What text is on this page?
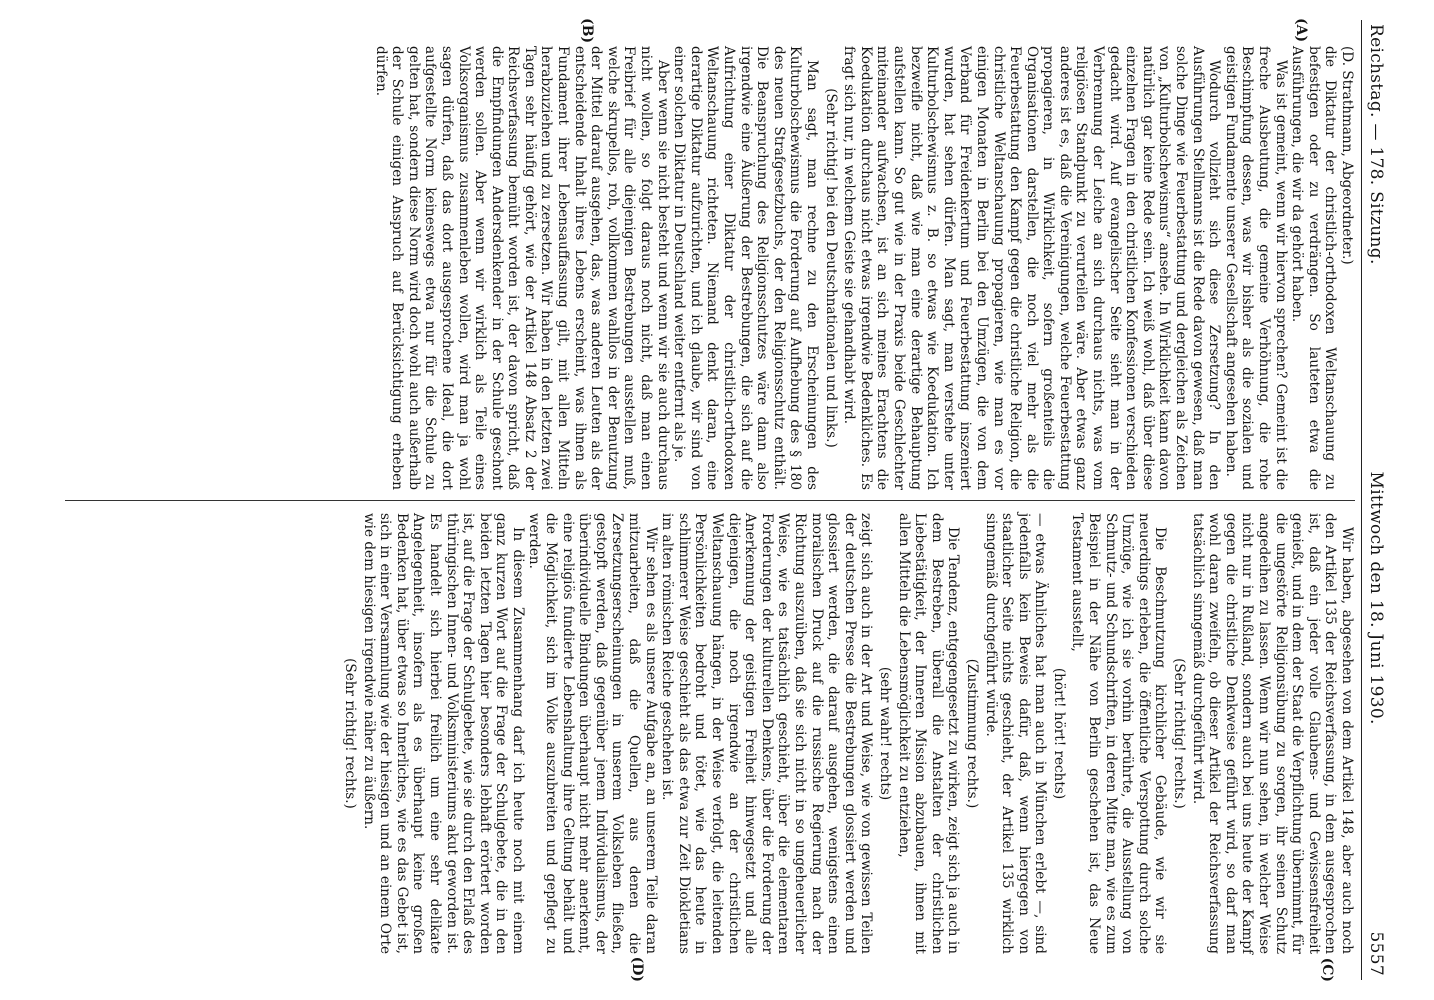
Reichstag. — 178. Sitzung.
Mittwoch den 18. Juni 1930.
5557
(A)
(B)

(D. Strathmann, Abgeordneter.)

die Diktatur der christlich-orthodoxen Weltanschauung zu befestigen oder zu verdrängen. So lauteten etwa die Ausführungen, die wir da gehört haben.

Was ist gemeint, wenn wir hiervon sprechen? Gemeint ist die freche Ausbeutung, die gemeine Verhöhnung, die rohe Beschimpfung dessen, was wir bisher als die sozialen und geistigen Fundamente unserer Gesellschaft angesehen haben.

Wodurch vollzieht sich diese Zersetzung? In den Ausführungen Stellmanns ist die Rede davon gewesen, daß man solche Dinge wie Feuerbestattung und dergleichen als Zeichen von „Kulturbolschewismus“ ansehe. In Wirklichkeit kann davon natürlich gar keine Rede sein. Ich weiß wohl, daß über diese einzelnen Fragen in den christlichen Konfessionen verschieden gedacht wird. Auf evangelischer Seite sieht man in der Verbrennung der Leiche an sich durchaus nichts, was vom religiösen Standpunkt zu verurteilen wäre. Aber etwas ganz anderes ist es, daß die Vereinigungen, welche Feuerbestattung propagieren, in Wirklichkeit, sofern großenteils die Organisationen darstellen, die noch viel mehr als die Feuerbestattung den Kampf gegen die christliche Religion, die christliche Weltanschauung propagieren, wie man es vor einigen Monaten in Berlin bei den Umzügen, die von dem Verband für Freidenkertum und Feuerbestattung inszeniert wurden, hat sehen dürfen. Man sagt, man verstehe unter Kulturbolschewismus z. B. so etwas wie Koedukation. Ich bezweifle nicht, daß wie man eine derartige Behauptung aufstellen kann. So gut wie in der Praxis beide Geschlechter miteinander aufwachsen, ist an sich meines Erachtens die Koedukation durchaus nicht etwas irgendwie Bedenkliches. Es fragt sich nur, in welchem Geiste sie gehandhabt wird.

(Sehr richtig! bei den Deutschnationalen und links.)

Man sagt, man rechne zu den Erscheinungen des Kulturbolschewismus die Forderung auf Aufhebung des § 180 des neuen Strafgesetzbuchs, der den Religionsschutz enthält. Die Beanspruchung des Religionsschutzes wäre dann also irgendwie eine Äußerung der Bestrebungen, die sich auf die Aufrichtung einer Diktatur der christlich-orthodoxen Weltanschauung richteten. Niemand denkt daran, eine derartige Diktatur aufzurichten, und ich glaube, wir sind von einer solchen Diktatur in Deutschland weiter entfernt als je.

Aber wenn sie nicht besteht und wenn wir sie auch durchaus nicht wollen, so folgt daraus noch nicht, daß man einen Freibrief für alle diejenigen Bestrebungen ausstellen muß, welche skrupellos, roh, vollkommen wahllos in der Benutzung der Mittel darauf ausgehen, das, was anderen Leuten als der entscheidende Inhalt ihres Lebens erscheint, was ihnen als Fundament ihrer Lebensauffassung gilt, mit allen Mitteln herabzuziehen und zu zersetzen. Wir haben in den letzten zwei Tagen sehr häufig gehört, wie der Artikel 148 Absatz 2 der Reichsverfassung bemüht worden ist, der davon spricht, daß die Empfindungen Andersdenkender in der Schule geschont werden sollen. Aber wenn wir wirklich als Teile eines Volksorganismus zusammenleben wollen, wird man ja wohl sagen dürfen, daß das dort ausgesprochene Ideal, die dort aufgestellte Norm keineswegs etwa nur für die Schule zu gelten hat, sondern diese Norm wird doch wohl auch außerhalb der Schule einigen Anspruch auf Berücksichtigung erheben dürfen.

(C)
(D)

Wir haben, abgesehen von dem Artikel 148, aber auch noch den Artikel 135 der Reichsverfassung, in dem ausgesprochen ist, daß ein jeder volle Glaubens- und Gewissensfreiheit genießt, und in dem der Staat die Verpflichtung übernimmt, für die ungestörte Religionsübung zu sorgen, ihr seinen Schutz angedeihen zu lassen. Wenn wir nun sehen, in welcher Weise nicht nur in Rußland, sondern auch bei uns heute der Kampf gegen die christliche Denkweise geführt wird, so darf man wohl daran zweifeln, ob dieser Artikel der Reichsverfassung tatsächlich sinngemäß durchgeführt wird.

(Sehr richtig! rechts.)

Die Beschmutzung kirchlicher Gebäude, wie wir sie neuerdings erleben, die öffentliche Verspottung durch solche Umzüge, wie ich sie vorhin berührte, die Ausstellung von Schmutz- und Schundschriften, in deren Mitte man, wie es zum Beispiel in der Nähe von Berlin geschehen ist, das Neue Testament ausstellt,

(hört! hört! rechts)

— etwas Ähnliches hat man auch in München erlebt —, sind jedenfalls kein Beweis dafür, daß, wenn hiergegen von staatlicher Seite nichts geschieht, der Artikel 135 wirklich sinngemäß durchgeführt würde.

(Zustimmung rechts.)

Die Tendenz, entgegengesetzt zu wirken, zeigt sich ja auch in dem Bestreben, überall die Anstalten der christlichen Liebestätigkeit, der Inneren Mission abzubauen, ihnen mit allen Mitteln die Lebensmöglichkeit zu entziehen,

(sehr wahr! rechts)

zeigt sich auch in der Art und Weise, wie von gewissen Teilen der deutschen Presse die Bestrebungen glossiert werden und glossiert werden, die darauf ausgehen, wenigstens einen moralischen Druck auf die russische Regierung nach der Richtung auszuüben, daß sie sich nicht in so ungeheuerlicher Weise, wie es tatsächlich geschieht, über die elementaren Forderungen der kulturellen Denkens, über die Forderung der Anerkennung der geistigen Freiheit hinwegsetzt und alle diejenigen, die noch irgendwie an der christlichen Weltanschauung hängen, in der Weise verfolgt, die leitenden Persönlichkeiten bedroht und tötet, wie das heute in schlimmerer Weise geschieht als das etwa zur Zeit Diokletians im alten römischen Reiche geschehen ist.

Wir sehen es als unsere Aufgabe an, an unserem Teile daran mitzuarbeiten, daß die Quellen, aus denen die Zersetzungserscheinungen in unserem Volksleben fließen, gestopft werden, daß gegenüber jenem Individualismus, der überindividuelle Bindungen überhaupt nicht mehr anerkennt, eine religiös fundierte Lebenshaltung ihre Geltung behält und die Möglichkeit, sich im Volke auszubreiten und gepflegt zu werden.

In diesem Zusammenhang darf ich heute noch mit einem ganz kurzen Wort auf die Frage der Schulgebete, die in den beiden letzten Tagen hier besonders lebhaft erörtert worden ist, auf die Frage der Schulgebete, wie sie durch den Erlaß des thüringischen Innen- und Volksministeriums akut geworden ist. Es handelt sich hierbei freilich um eine sehr delikate Angelegenheit, insofern als es überhaupt keine großen Bedenken hat, über etwas so Innerliches, wie es das Gebet ist, sich in einer Versammlung wie der hiesigen und an einem Orte wie dem hiesigen irgendwie näher zu äußern.

(Sehr richtig! rechts.)
